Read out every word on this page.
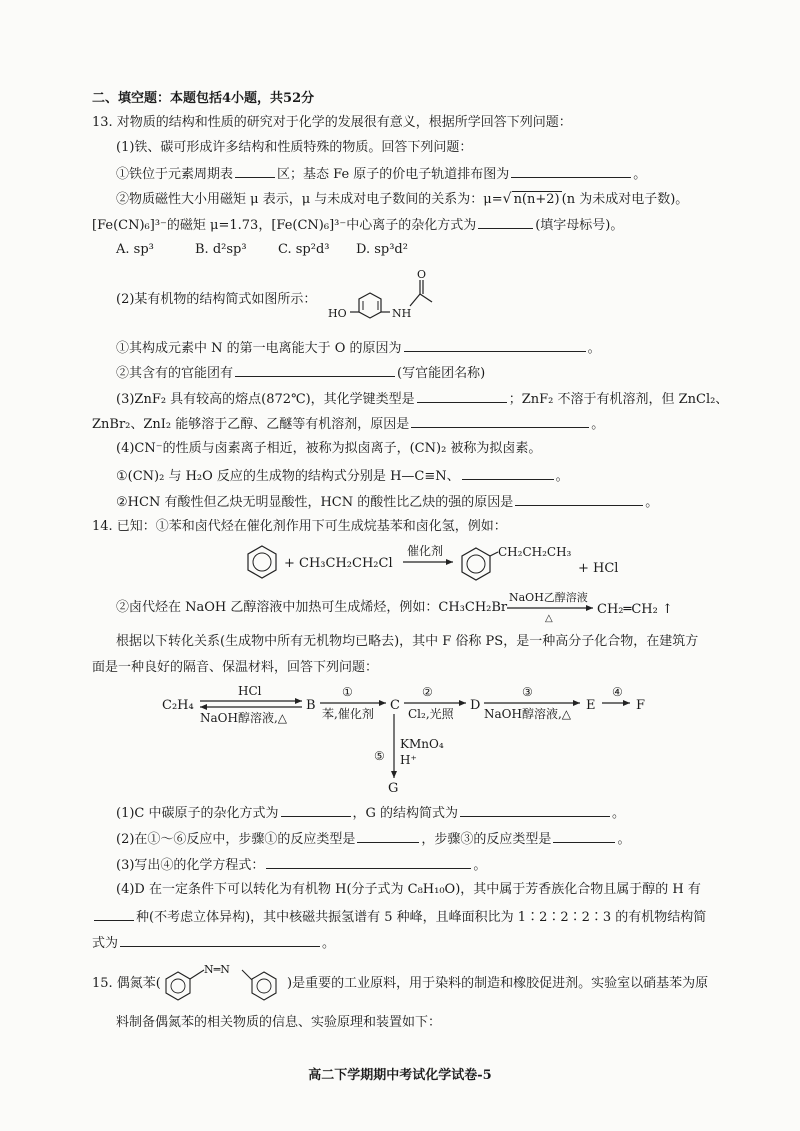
二、填空题：本题包括4小题，共52分
13. 对物质的结构和性质的研究对于化学的发展很有意义，根据所学回答下列问题：
(1)铁、碳可形成许多结构和性质特殊的物质。回答下列问题：
①铁位于元素周期表	区；基态 Fe 原子的价电子轨道排布图为	。
②物质磁性大小用磁矩 μ 表示，μ 与未成对电子数间的关系为：μ=√ n(n+2) (n 为未成对电子数)。
[Fe(CN)₆]³⁻的磁矩 μ=1.73，[Fe(CN)₆]³⁻中心离子的杂化方式为	(填字母标号)。
A. sp³	B. d²sp³ C. sp²d³ D. sp³d²
(2)某有机物的结构简式如图所示：
HO	NH
O
①其构成元素中 N 的第一电离能大于 O 的原因为	。
②其含有的官能团有	(写官能团名称)
(3)ZnF₂ 具有较高的熔点(872℃)，其化学键类型是	；ZnF₂ 不溶于有机溶剂，但 ZnCl₂、
ZnBr₂、ZnI₂ 能够溶于乙醇、乙醚等有机溶剂，原因是	。
(4)CN⁻的性质与卤素离子相近，被称为拟卤离子，(CN)₂ 被称为拟卤素。
①(CN)₂ 与 H₂O 反应的生成物的结构式分别是 H—C≡N、	。
②HCN 有酸性但乙炔无明显酸性，HCN 的酸性比乙炔的强的原因是	。
14. 已知：①苯和卤代烃在催化剂作用下可生成烷基苯和卤化氢，例如：
+ CH₃CH₂CH₂Cl
催化剂	CH₂CH₂CH₃
+ HCl
②卤代烃在 NaOH 乙醇溶液中加热可生成烯烃，例如：CH₃CH₂Br
NaOH乙醇溶液
△
CH₂═CH₂ ↑
根据以下转化关系(生成物中所有无机物均已略去)，其中 F 俗称 PS，是一种高分子化合物，在建筑方
面是一种良好的隔音、保温材料，回答下列问题：
C₂H₄
HCl
NaOH醇溶液,△
B
①
苯,催化剂
C
②
Cl₂,光照
D
③
NaOH醇溶液,△
E
④
F
⑤
KMnO₄
H⁺
G
(1)C 中碳原子的杂化方式为	，G 的结构简式为	。
(2)在①～⑥反应中，步骤①的反应类型是	，步骤③的反应类型是	。
(3)写出④的化学方程式：	。
(4)D 在一定条件下可以转化为有机物 H(分子式为 C₈H₁₀O)，其中属于芳香族化合物且属于醇的 H 有
种(不考虑立体异构)，其中核磁共振氢谱有 5 种峰，且峰面积比为 1∶2∶2∶2∶3 的有机物结构简
式为	。
15. 偶氮苯(
N═N
)是重要的工业原料，用于染料的制造和橡胶促进剂。实验室以硝基苯为原
料制备偶氮苯的相关物质的信息、实验原理和装置如下：
高二下学期期中考试化学试卷-5
